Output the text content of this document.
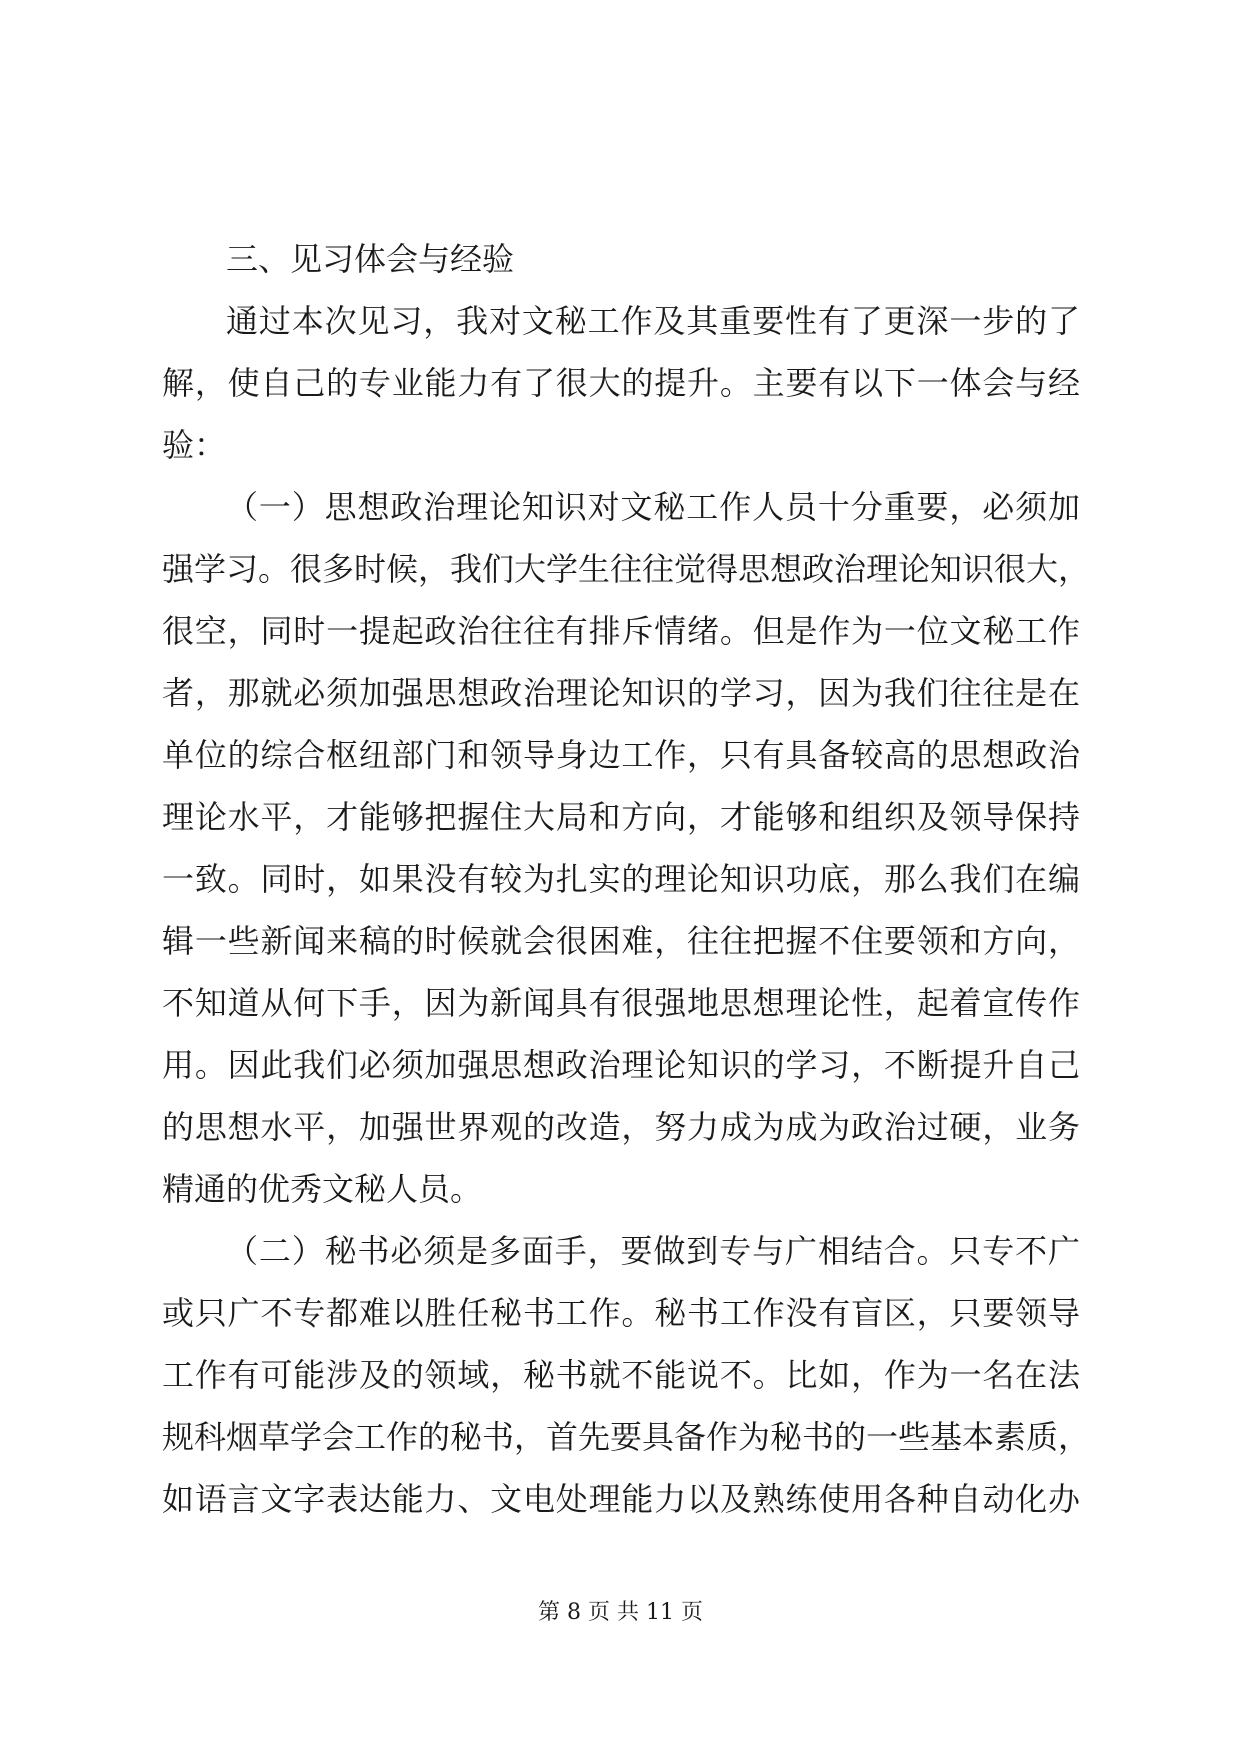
三、见习体会与经验
通过本次见习，我对文秘工作及其重要性有了更深一步的了
解，使自己的专业能力有了很大的提升。主要有以下一体会与经
验：
（一）思想政治理论知识对文秘工作人员十分重要，必须加
强学习。很多时候，我们大学生往往觉得思想政治理论知识很大，
很空，同时一提起政治往往有排斥情绪。但是作为一位文秘工作
者，那就必须加强思想政治理论知识的学习，因为我们往往是在
单位的综合枢纽部门和领导身边工作，只有具备较高的思想政治
理论水平，才能够把握住大局和方向，才能够和组织及领导保持
一致。同时，如果没有较为扎实的理论知识功底，那么我们在编
辑一些新闻来稿的时候就会很困难，往往把握不住要领和方向，
不知道从何下手，因为新闻具有很强地思想理论性，起着宣传作
用。因此我们必须加强思想政治理论知识的学习，不断提升自己
的思想水平，加强世界观的改造，努力成为成为政治过硬，业务
精通的优秀文秘人员。
（二）秘书必须是多面手，要做到专与广相结合。只专不广
或只广不专都难以胜任秘书工作。秘书工作没有盲区，只要领导
工作有可能涉及的领域，秘书就不能说不。比如，作为一名在法
规科烟草学会工作的秘书，首先要具备作为秘书的一些基本素质，
如语言文字表达能力、文电处理能力以及熟练使用各种自动化办
第 8 页 共 11 页
